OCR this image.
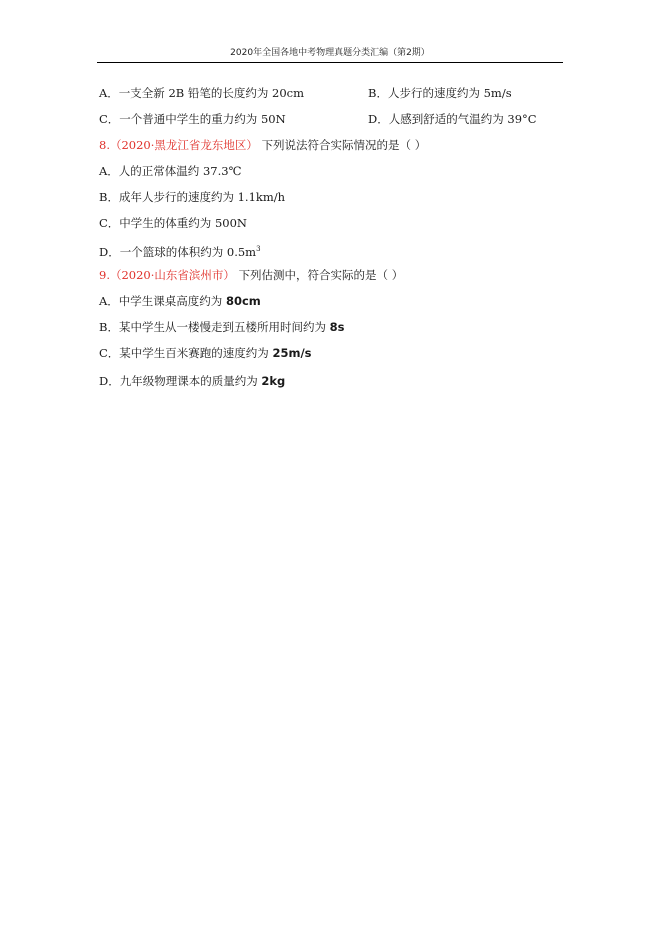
2020年全国各地中考物理真题分类汇编（第2期）
A．一支全新 2B 铅笔的长度约为 20cm	B．人步行的速度约为 5m/s
C．一个普通中学生的重力约为 50N	D．人感到舒适的气温约为 39°C
8.（2020·黑龙江省龙东地区） 下列说法符合实际情况的是（ ）
A．人的正常体温约 37.3℃
B．成年人步行的速度约为 1.1km/h
C．中学生的体重约为 500N
D．一个篮球的体积约为 $0.5m^3$
9.（2020·山东省滨州市） 下列估测中，符合实际的是（ ）
A．中学生课桌高度约为 80cm
B．某中学生从一楼慢走到五楼所用时间约为 8s
C．某中学生百米赛跑的速度约为 25m/s
D．九年级物理课本的质量约为 2kg
